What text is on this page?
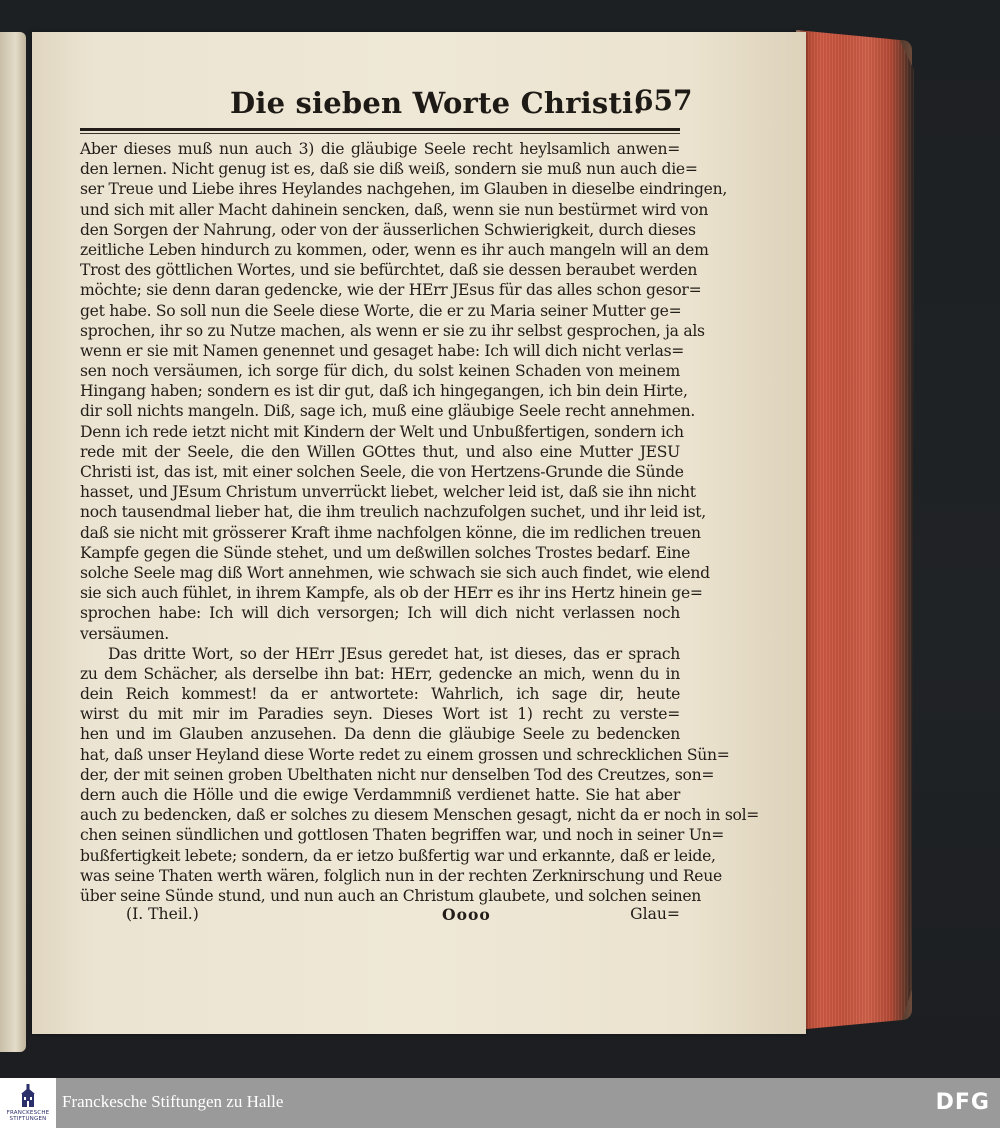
Die sieben Worte Christi.
657
Aber dieses muß nun auch 3) die gläubige Seele recht heylsamlich anwen=
den lernen. Nicht genug ist es, daß sie diß weiß, sondern sie muß nun auch die=
ser Treue und Liebe ihres Heylandes nachgehen, im Glauben in dieselbe eindringen,
und sich mit aller Macht dahinein sencken, daß, wenn sie nun bestürmet wird von
den Sorgen der Nahrung, oder von der äusserlichen Schwierigkeit, durch dieses
zeitliche Leben hindurch zu kommen, oder, wenn es ihr auch mangeln will an dem
Trost des göttlichen Wortes, und sie befürchtet, daß sie dessen beraubet werden
möchte; sie denn daran gedencke, wie der HErr JEsus für das alles schon gesor=
get habe. So soll nun die Seele diese Worte, die er zu Maria seiner Mutter ge=
sprochen, ihr so zu Nutze machen, als wenn er sie zu ihr selbst gesprochen, ja als
wenn er sie mit Namen genennet und gesaget habe: Ich will dich nicht verlas=
sen noch versäumen, ich sorge für dich, du solst keinen Schaden von meinem
Hingang haben; sondern es ist dir gut, daß ich hingegangen, ich bin dein Hirte,
dir soll nichts mangeln. Diß, sage ich, muß eine gläubige Seele recht annehmen.
Denn ich rede ietzt nicht mit Kindern der Welt und Unbußfertigen, sondern ich
rede mit der Seele, die den Willen GOttes thut, und also eine Mutter JESU
Christi ist, das ist, mit einer solchen Seele, die von Hertzens-Grunde die Sünde
hasset, und JEsum Christum unverrückt liebet, welcher leid ist, daß sie ihn nicht
noch tausendmal lieber hat, die ihm treulich nachzufolgen suchet, und ihr leid ist,
daß sie nicht mit grösserer Kraft ihme nachfolgen könne, die im redlichen treuen
Kampfe gegen die Sünde stehet, und um deßwillen solches Trostes bedarf. Eine
solche Seele mag diß Wort annehmen, wie schwach sie sich auch findet, wie elend
sie sich auch fühlet, in ihrem Kampfe, als ob der HErr es ihr ins Hertz hinein ge=
sprochen habe: Ich will dich versorgen; Ich will dich nicht verlassen noch
versäumen.
Das dritte Wort, so der HErr JEsus geredet hat, ist dieses, das er sprach
zu dem Schächer, als derselbe ihn bat: HErr, gedencke an mich, wenn du in
dein Reich kommest! da er antwortete: Wahrlich, ich sage dir, heute
wirst du mit mir im Paradies seyn. Dieses Wort ist 1) recht zu verste=
hen und im Glauben anzusehen. Da denn die gläubige Seele zu bedencken
hat, daß unser Heyland diese Worte redet zu einem grossen und schrecklichen Sün=
der, der mit seinen groben Ubelthaten nicht nur denselben Tod des Creutzes, son=
dern auch die Hölle und die ewige Verdammniß verdienet hatte. Sie hat aber
auch zu bedencken, daß er solches zu diesem Menschen gesagt, nicht da er noch in sol=
chen seinen sündlichen und gottlosen Thaten begriffen war, und noch in seiner Un=
bußfertigkeit lebete; sondern, da er ietzo bußfertig war und erkannte, daß er leide,
was seine Thaten werth wären, folglich nun in der rechten Zerknirschung und Reue
über seine Sünde stund, und nun auch an Christum glaubete, und solchen seinen
(I. Theil.)	Oooo	Glau=
FRANCKESCHE STIFTUNGEN
Franckesche Stiftungen zu Halle	DFG
